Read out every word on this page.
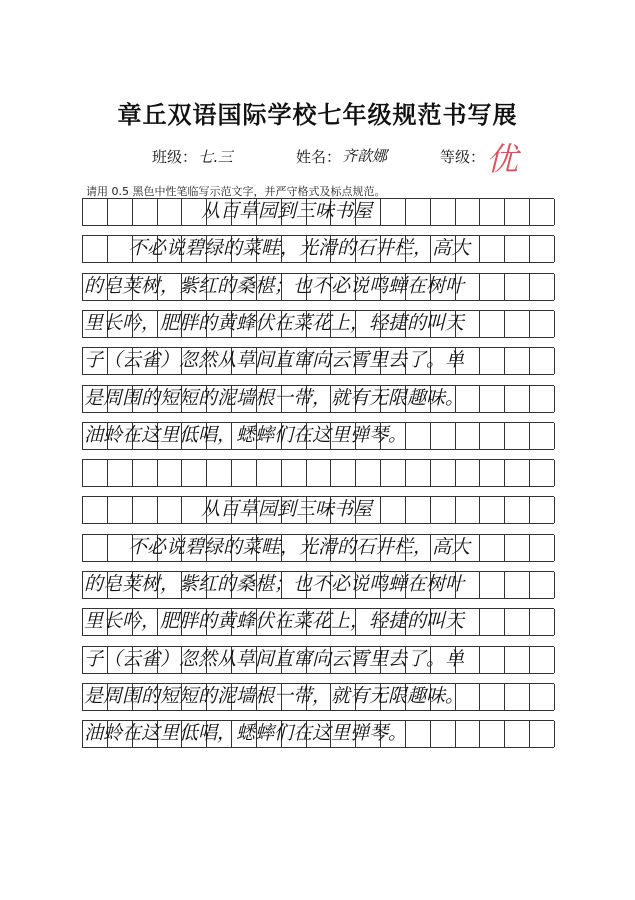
章丘双语国际学校七年级规范书写展
班级： 七.三	姓名： 齐歆娜	等级： 优
请用 0.5 黑色中性笔临写示范文字，并严守格式及标点规范。
从百草园到三味书屋
不必说碧绿的菜畦，光滑的石井栏，高大
的皂荚树，紫红的桑椹；也不必说鸣蝉在树叶
里长吟，肥胖的黄蜂伏在菜花上，轻捷的叫天
子（云雀）忽然从草间直窜向云霄里去了。单
是周围的短短的泥墙根一带，就有无限趣味。
油蛉在这里低唱，蟋蟀们在这里弹琴。
从百草园到三味书屋
不必说碧绿的菜畦，光滑的石井栏，高大
的皂荚树，紫红的桑椹；也不必说鸣蝉在树叶
里长吟，肥胖的黄蜂伏在菜花上，轻捷的叫天
子（云雀）忽然从草间直窜向云霄里去了。单
是周围的短短的泥墙根一带，就有无限趣味。
油蛉在这里低唱，蟋蟀们在这里弹琴。
